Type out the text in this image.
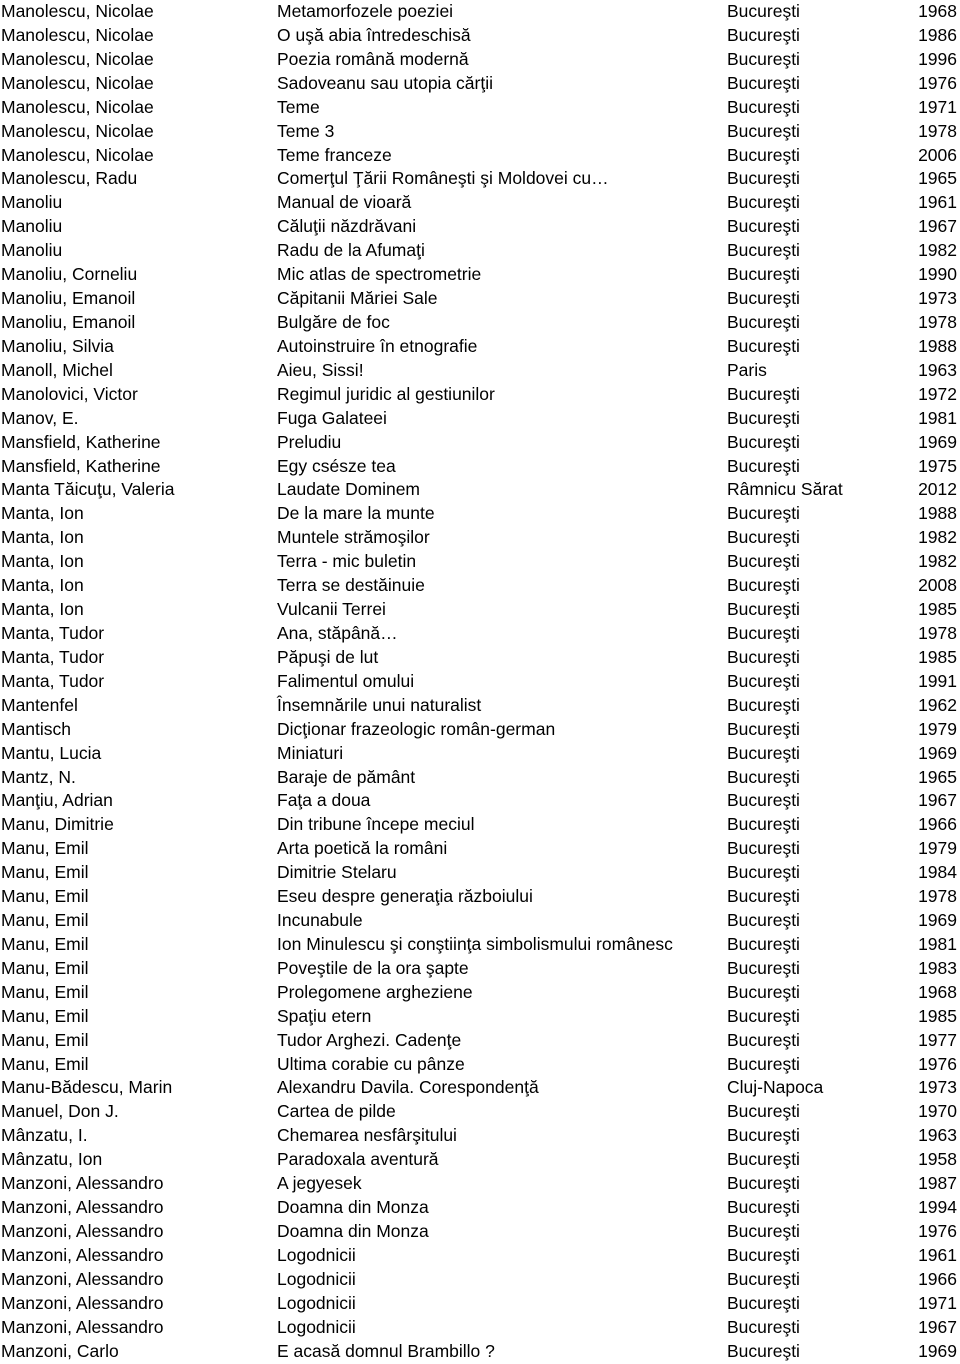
Manolescu, Nicolae	Metamorfozele poeziei	Bucureşti	1968
Manolescu, Nicolae	O uşă abia întredeschisă	Bucureşti	1986
Manolescu, Nicolae	Poezia română modernă	Bucureşti	1996
Manolescu, Nicolae	Sadoveanu sau utopia cărţii	Bucureşti	1976
Manolescu, Nicolae	Teme	Bucureşti	1971
Manolescu, Nicolae	Teme 3	Bucureşti	1978
Manolescu, Nicolae	Teme franceze	Bucureşti	2006
Manolescu, Radu	Comerţul Ţării Româneşti şi Moldovei cu…	Bucureşti	1965
Manoliu	Manual de vioară	Bucureşti	1961
Manoliu	Căluţii năzdrăvani	Bucureşti	1967
Manoliu	Radu de la Afumaţi	Bucureşti	1982
Manoliu, Corneliu	Mic atlas de spectrometrie	Bucureşti	1990
Manoliu, Emanoil	Căpitanii Măriei Sale	Bucureşti	1973
Manoliu, Emanoil	Bulgăre de foc	Bucureşti	1978
Manoliu, Silvia	Autoinstruire în etnografie	Bucureşti	1988
Manoll, Michel	Aieu, Sissi!	Paris	1963
Manolovici, Victor	Regimul juridic al gestiunilor	Bucureşti	1972
Manov, E.	Fuga Galateei	Bucureşti	1981
Mansfield, Katherine	Preludiu	Bucureşti	1969
Mansfield, Katherine	Egy csésze tea	Bucureşti	1975
Manta Tăicuţu, Valeria	Laudate Dominem	Râmnicu Sărat	2012
Manta, Ion	De la mare la munte	Bucureşti	1988
Manta, Ion	Muntele strămoşilor	Bucureşti	1982
Manta, Ion	Terra - mic buletin	Bucureşti	1982
Manta, Ion	Terra se destăinuie	Bucureşti	2008
Manta, Ion	Vulcanii Terrei	Bucureşti	1985
Manta, Tudor	Ana, stăpână…	Bucureşti	1978
Manta, Tudor	Păpuşi de lut	Bucureşti	1985
Manta, Tudor	Falimentul omului	Bucureşti	1991
Mantenfel	Însemnările unui naturalist	Bucureşti	1962
Mantisch	Dicţionar frazeologic român-german	Bucureşti	1979
Mantu, Lucia	Miniaturi	Bucureşti	1969
Mantz, N.	Baraje de pământ	Bucureşti	1965
Manţiu, Adrian	Faţa a doua	Bucureşti	1967
Manu, Dimitrie	Din tribune începe meciul	Bucureşti	1966
Manu, Emil	Arta poetică la români	Bucureşti	1979
Manu, Emil	Dimitrie Stelaru	Bucureşti	1984
Manu, Emil	Eseu despre generaţia războiului	Bucureşti	1978
Manu, Emil	Incunabule	Bucureşti	1969
Manu, Emil	Ion Minulescu şi conştiinţa simbolismului românesc	Bucureşti	1981
Manu, Emil	Poveştile de la ora şapte	Bucureşti	1983
Manu, Emil	Prolegomene argheziene	Bucureşti	1968
Manu, Emil	Spaţiu etern	Bucureşti	1985
Manu, Emil	Tudor Arghezi. Cadenţe	Bucureşti	1977
Manu, Emil	Ultima corabie cu pânze	Bucureşti	1976
Manu-Bădescu, Marin	Alexandru Davila. Corespondenţă	Cluj-Napoca	1973
Manuel, Don J.	Cartea de pilde	Bucureşti	1970
Mânzatu, I.	Chemarea nesfârşitului	Bucureşti	1963
Mânzatu, Ion	Paradoxala aventură	Bucureşti	1958
Manzoni, Alessandro	A jegyesek	Bucureşti	1987
Manzoni, Alessandro	Doamna din Monza	Bucureşti	1994
Manzoni, Alessandro	Doamna din Monza	Bucureşti	1976
Manzoni, Alessandro	Logodnicii	Bucureşti	1961
Manzoni, Alessandro	Logodnicii	Bucureşti	1966
Manzoni, Alessandro	Logodnicii	Bucureşti	1971
Manzoni, Alessandro	Logodnicii	Bucureşti	1967
Manzoni, Carlo	E acasă domnul Brambillo ?	Bucureşti	1969
